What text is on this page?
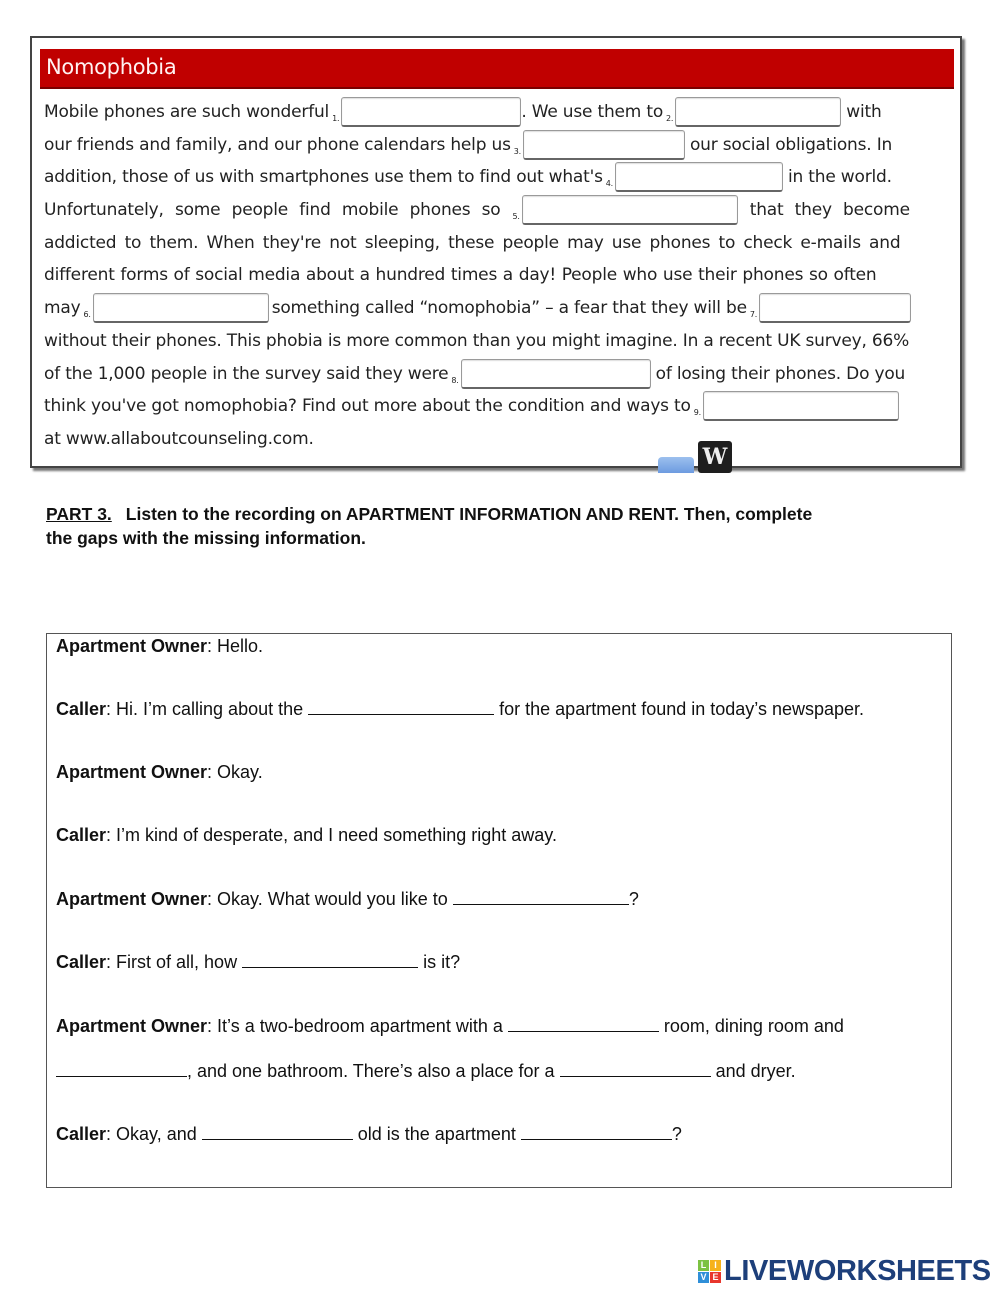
Nomophobia
Mobile phones are such wonderful $_{1.}$	. We use them to $_{2.}$	with
our friends and family, and our phone calendars help us $_{3.}$	our social obligations. In
addition, those of us with smartphones use them to find out what's $_{4.}$	in the world.
Unfortunately, some people find mobile phones so $_{5.}$	that they become
addicted to them. When they're not sleeping, these people may use phones to check e-mails and
different forms of social media about a hundred times a day! People who use their phones so often
may $_{6.}$	something called “nomophobia” – a fear that they will be $_{7.}$
without their phones. This phobia is more common than you might imagine. In a recent UK survey, 66%
of the 1,000 people in the survey said they were $_{8.}$	of losing their phones. Do you
think you've got nomophobia? Find out more about the condition and ways to $_{9.}$
at www.allaboutcounseling.com.
W
PART 3. Listen to the recording on APARTMENT INFORMATION AND RENT. Then, complete
the gaps with the missing information.
Apartment Owner: Hello.
Caller: Hi. I’m calling about the	for the apartment found in today’s newspaper.
Apartment Owner: Okay.
Caller: I’m kind of desperate, and I need something right away.
Apartment Owner: Okay. What would you like to	?
Caller: First of all, how	is it?
Apartment Owner: It’s a two-bedroom apartment with a	room, dining room and
, and one bathroom. There’s also a place for a	and dryer.
Caller: Okay, and	old is the apartment	?
L I
V E LIVEWORKSHEETS
